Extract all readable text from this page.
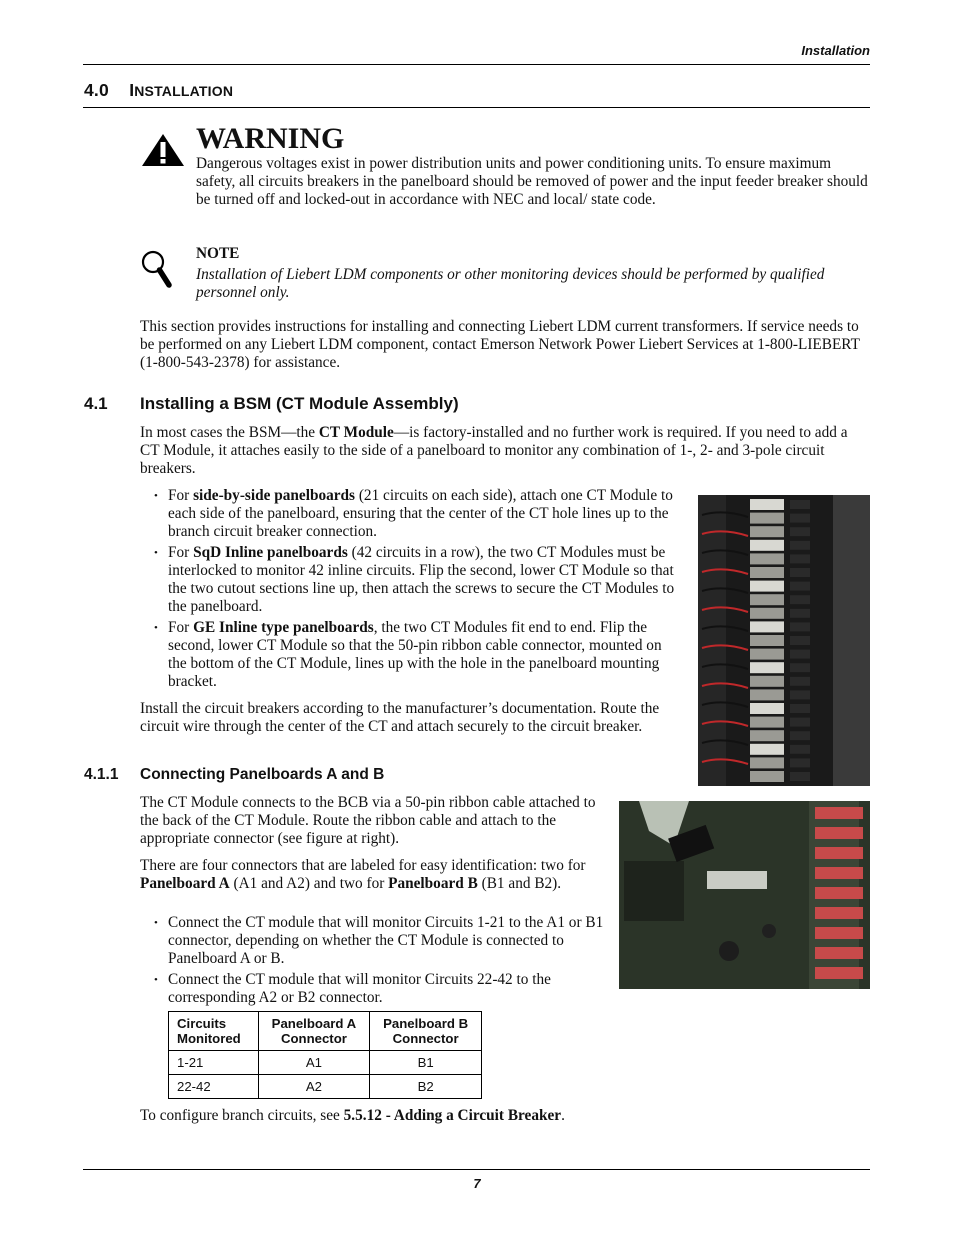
Installation
4.0 INSTALLATION
WARNING
Dangerous voltages exist in power distribution units and power conditioning units. To ensure maximum safety, all circuits breakers in the panelboard should be removed of power and the input feeder breaker should be turned off and locked-out in accordance with NEC and local/ state code.
NOTE
Installation of Liebert LDM components or other monitoring devices should be performed by qualified personnel only.
This section provides instructions for installing and connecting Liebert LDM current transformers. If service needs to be performed on any Liebert LDM component, contact Emerson Network Power Liebert Services at 1-800-LIEBERT (1-800-543-2378) for assistance.
4.1 Installing a BSM (CT Module Assembly)
In most cases the BSM—the CT Module—is factory-installed and no further work is required. If you need to add a CT Module, it attaches easily to the side of a panelboard to monitor any combination of 1-, 2- and 3-pole circuit breakers.
• For side-by-side panelboards (21 circuits on each side), attach one CT Module to each side of the panelboard, ensuring that the center of the CT hole lines up to the branch circuit breaker connection.
• For SqD Inline panelboards (42 circuits in a row), the two CT Modules must be interlocked to monitor 42 inline circuits. Flip the second, lower CT Module so that the two cutout sections line up, then attach the screws to secure the CT Modules to the panelboard.
• For GE Inline type panelboards, the two CT Modules fit end to end. Flip the second, lower CT Module so that the 50-pin ribbon cable connector, mounted on the bottom of the CT Module, lines up with the hole in the panelboard mounting bracket.
Install the circuit breakers according to the manufacturer’s documentation. Route the circuit wire through the center of the CT and attach securely to the circuit breaker.
4.1.1 Connecting Panelboards A and B
The CT Module connects to the BCB via a 50-pin ribbon cable attached to the back of the CT Module. Route the ribbon cable and attach to the appropriate connector (see figure at right).
There are four connectors that are labeled for easy identification: two for Panelboard A (A1 and A2) and two for Panelboard B (B1 and B2).
• Connect the CT module that will monitor Circuits 1-21 to the A1 or B1 connector, depending on whether the CT Module is connected to Panelboard A or B.
• Connect the CT module that will monitor Circuits 22-42 to the corresponding A2 or B2 connector.
Circuits Monitored	Panelboard A Connector	Panelboard B Connector
1-21	A1	B1
22-42	A2	B2
To configure branch circuits, see 5.5.12 - Adding a Circuit Breaker.
7
